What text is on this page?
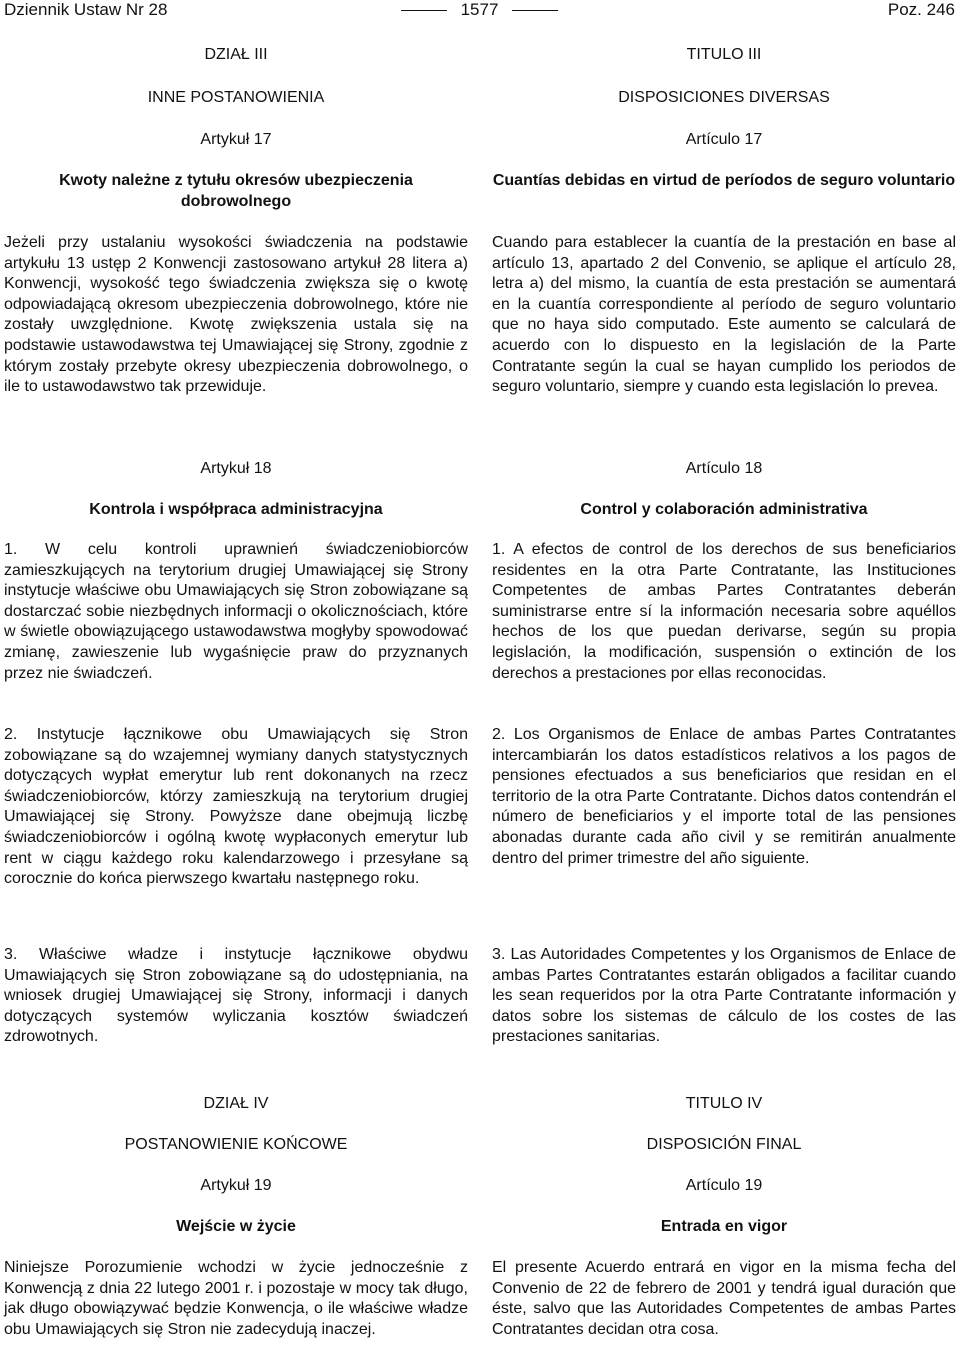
Dziennik Ustaw Nr 28	1577	Poz. 246
DZIAŁ III
INNE POSTANOWIENIA
Artykuł 17
Kwoty należne z tytułu okresów ubezpieczenia dobrowolnego
Jeżeli przy ustalaniu wysokości świadczenia na podstawie artykułu 13 ustęp 2 Konwencji zastosowano artykuł 28 litera a) Konwencji, wysokość tego świadczenia zwiększa się o kwotę odpowiadającą okresom ubezpieczenia dobrowolnego, które nie zostały uwzględnione. Kwotę zwiększenia ustala się na podstawie ustawodawstwa tej Umawiającej się Strony, zgodnie z którym zostały przebyte okresy ubezpieczenia dobrowolnego, o ile to ustawodawstwo tak przewiduje.
Artykuł 18
Kontrola i współpraca administracyjna
1. W celu kontroli uprawnień świadczeniobiorców zamieszkujących na terytorium drugiej Umawiającej się Strony instytucje właściwe obu Umawiających się Stron zobowiązane są dostarczać sobie niezbędnych informacji o okolicznościach, które w świetle obowiązującego ustawodawstwa mogłyby spowodować zmianę, zawieszenie lub wygaśnięcie praw do przyznanych przez nie świadczeń.
2. Instytucje łącznikowe obu Umawiających się Stron zobowiązane są do wzajemnej wymiany danych statystycznych dotyczących wypłat emerytur lub rent dokonanych na rzecz świadczeniobiorców, którzy zamieszkują na terytorium drugiej Umawiającej się Strony. Powyższe dane obejmują liczbę świadczeniobiorców i ogólną kwotę wypłaconych emerytur lub rent w ciągu każdego roku kalendarzowego i przesyłane są corocznie do końca pierwszego kwartału następnego roku.
3. Właściwe władze i instytucje łącznikowe obydwu Umawiających się Stron zobowiązane są do udostępniania, na wniosek drugiej Umawiającej się Strony, informacji i danych dotyczących systemów wyliczania kosztów świadczeń zdrowotnych.
DZIAŁ IV
POSTANOWIENIE KOŃCOWE
Artykuł 19
Wejście w życie
Niniejsze Porozumienie wchodzi w życie jednocześnie z Konwencją z dnia 22 lutego 2001 r. i pozostaje w mocy tak długo, jak długo obowiązywać będzie Konwencja, o ile właściwe władze obu Umawiających się Stron nie zadecydują inaczej.
TITULO III
DISPOSICIONES DIVERSAS
Artículo 17
Cuantías debidas en virtud de períodos de seguro voluntario
Cuando para establecer la cuantía de la prestación en base al artículo 13, apartado 2 del Convenio, se aplique el artículo 28, letra a) del mismo, la cuantía de esta prestación se aumentará en la cuantía correspondiente al período de seguro voluntario que no haya sido computado. Este aumento se calculará de acuerdo con lo dispuesto en la legislación de la Parte Contratante según la cual se hayan cumplido los periodos de seguro voluntario, siempre y cuando esta legislación lo prevea.
Artículo 18
Control y colaboración administrativa
1. A efectos de control de los derechos de sus beneficiarios residentes en la otra Parte Contratante, las Instituciones Competentes de ambas Partes Contratantes deberán suministrarse entre sí la información necesaria sobre aquéllos hechos de los que puedan derivarse, según su propia legislación, la modificación, suspensión o extinción de los derechos a prestaciones por ellas reconocidas.
2. Los Organismos de Enlace de ambas Partes Contratantes intercambiarán los datos estadísticos relativos a los pagos de pensiones efectuados a sus beneficiarios que residan en el territorio de la otra Parte Contratante. Dichos datos contendrán el número de beneficiarios y el importe total de las pensiones abonadas durante cada año civil y se remitirán anualmente dentro del primer trimestre del año siguiente.
3. Las Autoridades Competentes y los Organismos de Enlace de ambas Partes Contratantes estarán obligados a facilitar cuando les sean requeridos por la otra Parte Contratante información y datos sobre los sistemas de cálculo de los costes de las prestaciones sanitarias.
TITULO IV
DISPOSICIÓN FINAL
Artículo 19
Entrada en vigor
El presente Acuerdo entrará en vigor en la misma fecha del Convenio de 22 de febrero de 2001 y tendrá igual duración que éste, salvo que las Autoridades Competentes de ambas Partes Contratantes decidan otra cosa.
